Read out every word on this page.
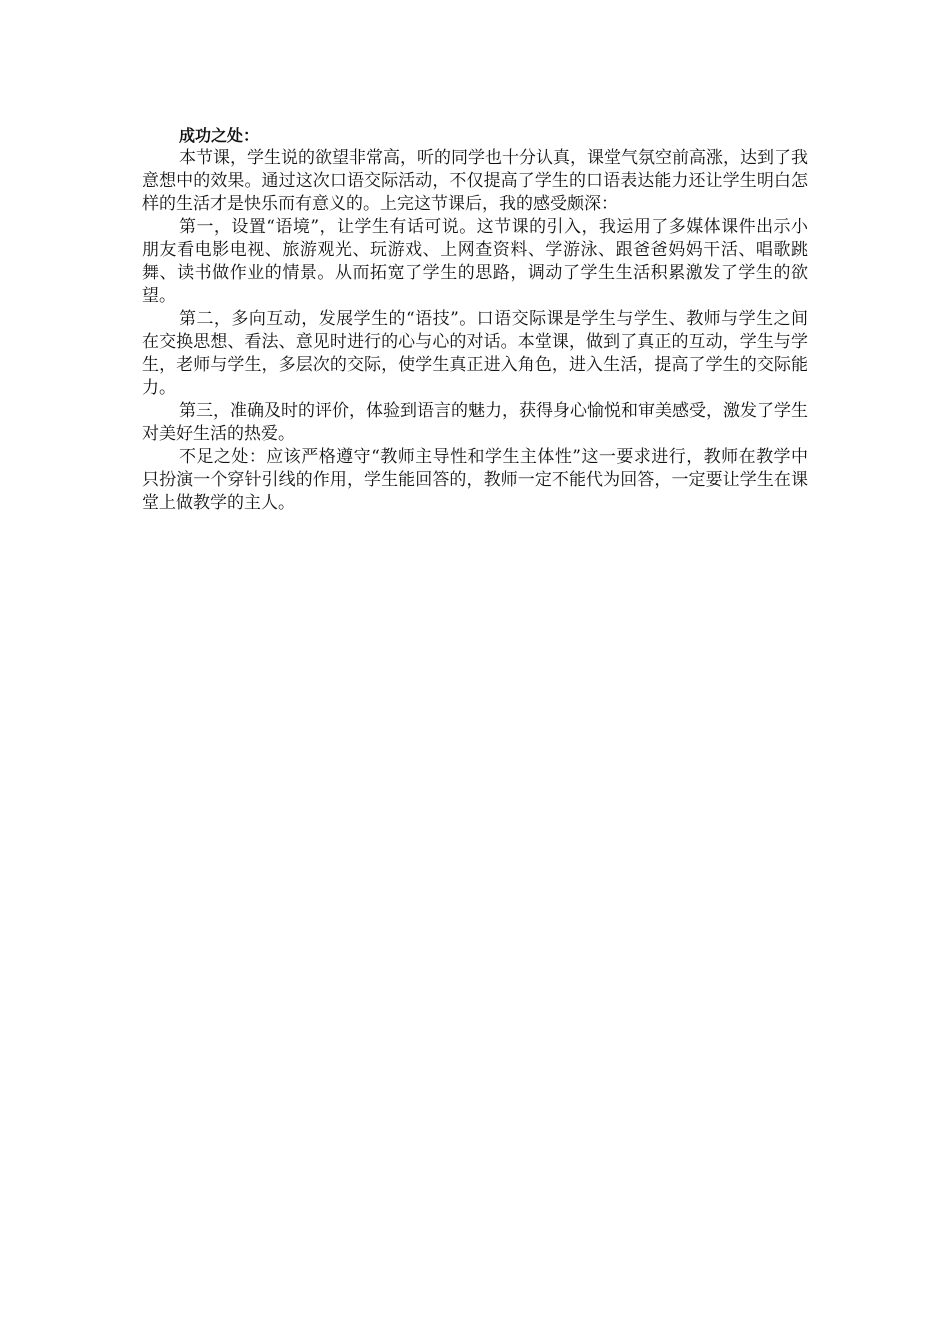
成功之处：

本节课，学生说的欲望非常高，听的同学也十分认真，课堂气氛空前高涨，达到了我意想中的效果。通过这次口语交际活动，不仅提高了学生的口语表达能力还让学生明白怎样的生活才是快乐而有意义的。上完这节课后，我的感受颇深：

第一，设置“语境”，让学生有话可说。这节课的引入，我运用了多媒体课件出示小朋友看电影电视、旅游观光、玩游戏、上网查资料、学游泳、跟爸爸妈妈干活、唱歌跳舞、读书做作业的情景。从而拓宽了学生的思路，调动了学生生活积累激发了学生的欲望。

第二，多向互动，发展学生的“语技”。口语交际课是学生与学生、教师与学生之间在交换思想、看法、意见时进行的心与心的对话。本堂课，做到了真正的互动，学生与学生，老师与学生，多层次的交际，使学生真正进入角色，进入生活，提高了学生的交际能力。

第三，准确及时的评价，体验到语言的魅力，获得身心愉悦和审美感受，激发了学生对美好生活的热爱。

不足之处：应该严格遵守“教师主导性和学生主体性”这一要求进行，教师在教学中只扮演一个穿针引线的作用，学生能回答的，教师一定不能代为回答，一定要让学生在课堂上做教学的主人。
